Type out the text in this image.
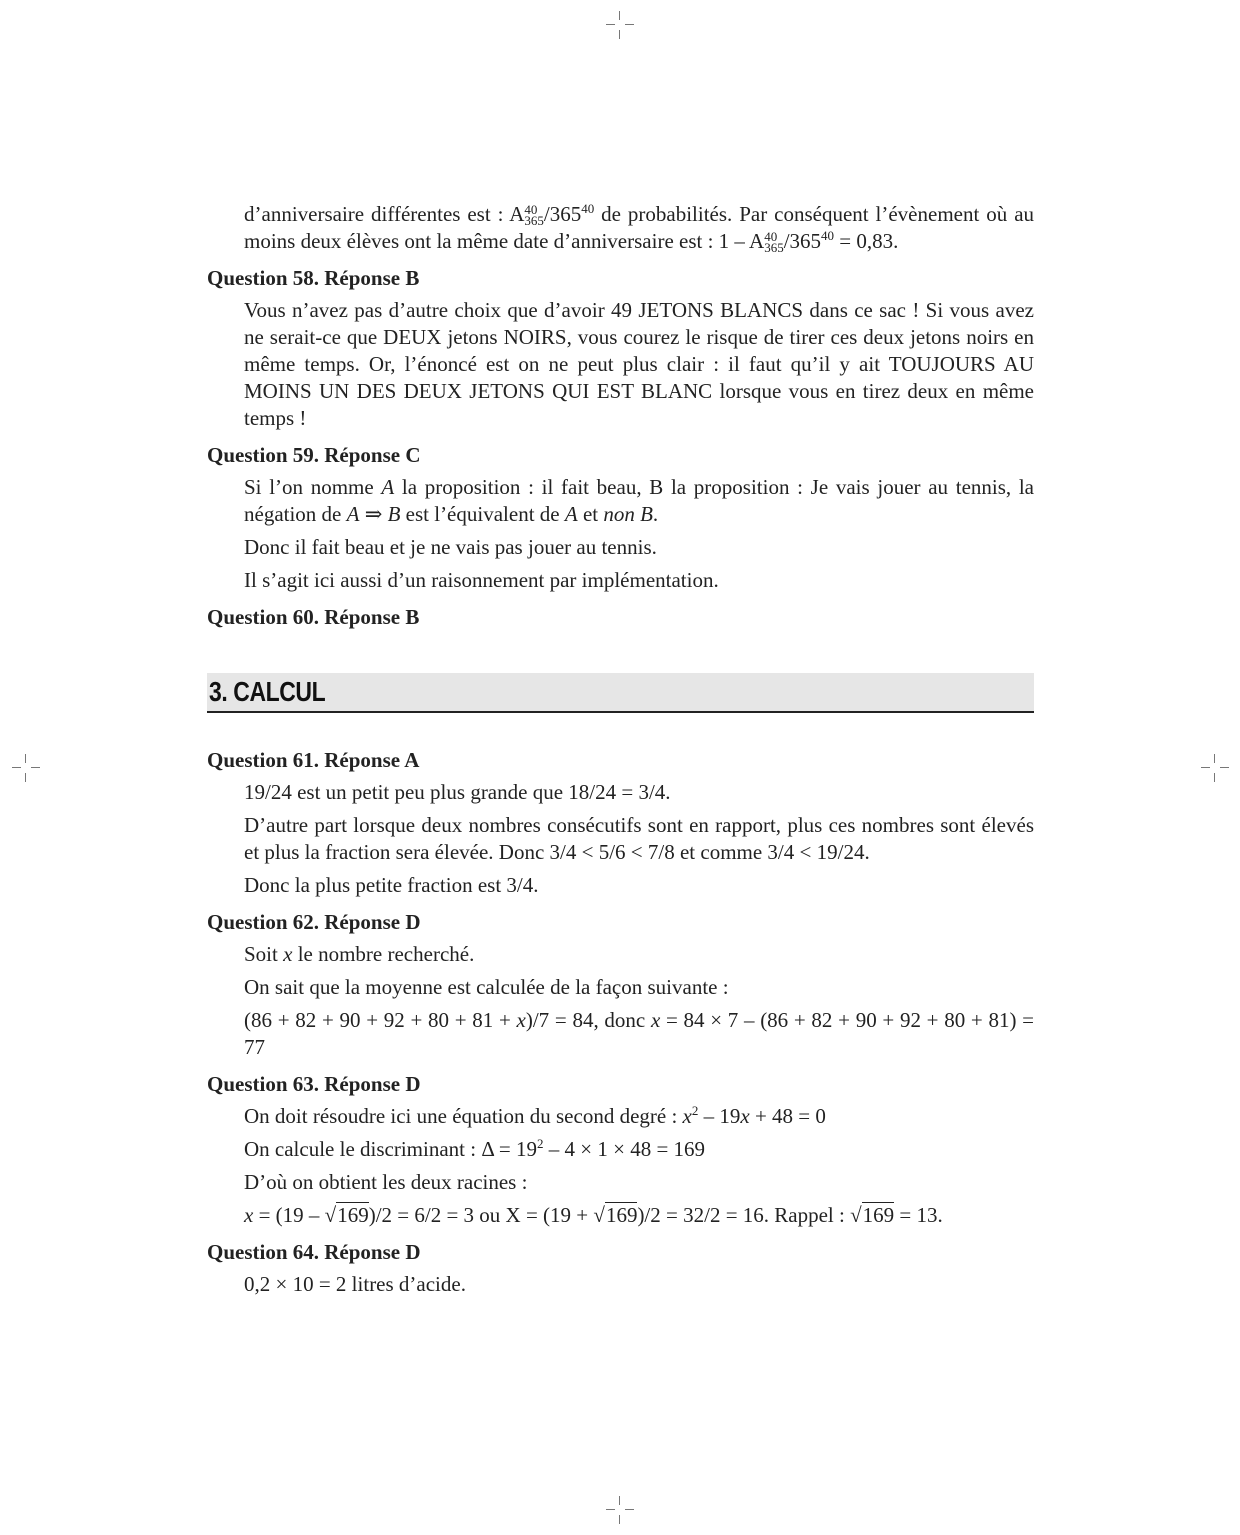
d’anniversaire différentes est : A 40
365 $/365^{40}$ de probabilités. Par conséquent l’évènement où au moins deux élèves ont la même date d’anniversaire est : 1 – A 40
365 $/365^{40} = 0,83$.

Question 58. Réponse B

Vous n’avez pas d’autre choix que d’avoir 49 JETONS BLANCS dans ce sac ! Si vous avez ne serait-ce que DEUX jetons NOIRS, vous courez le risque de tirer ces deux jetons noirs en même temps. Or, l’énoncé est on ne peut plus clair : il faut qu’il y ait TOUJOURS AU MOINS UN DES DEUX JETONS QUI EST BLANC lorsque vous en tirez deux en même temps !

Question 59. Réponse C

Si l’on nomme A la proposition : il fait beau, B la proposition : Je vais jouer au tennis, la négation de A ⇒ B est l’équivalent de A et non B.

Donc il fait beau et je ne vais pas jouer au tennis.

Il s’agit ici aussi d’un raisonnement par implémentation.

Question 60. Réponse B
3. CALCUL
Question 61. Réponse A

19/24 est un petit peu plus grande que 18/24 = 3/4.

D’autre part lorsque deux nombres consécutifs sont en rapport, plus ces nombres sont élevés et plus la fraction sera élevée. Donc 3/4 < 5/6 < 7/8 et comme 3/4 < 19/24.

Donc la plus petite fraction est 3/4.

Question 62. Réponse D

Soit x le nombre recherché.

On sait que la moyenne est calculée de la façon suivante :

(86 + 82 + 90 + 92 + 80 + 81 + x)/7 = 84, donc x = 84 × 7 – (86 + 82 + 90 + 92 + 80 + 81) = 77

Question 63. Réponse D

On doit résoudre ici une équation du second degré : $x^2 - 19x + 48 = 0$

On calcule le discriminant : $\Delta = 19^2 - 4 \times 1 \times 48 = 169$

D’où on obtient les deux racines :

x = (19 – √169)/2 = 6/2 = 3 ou X = (19 + √169)/2 = 32/2 = 16. Rappel : √169 = 13.

Question 64. Réponse D

0,2 × 10 = 2 litres d’acide.
